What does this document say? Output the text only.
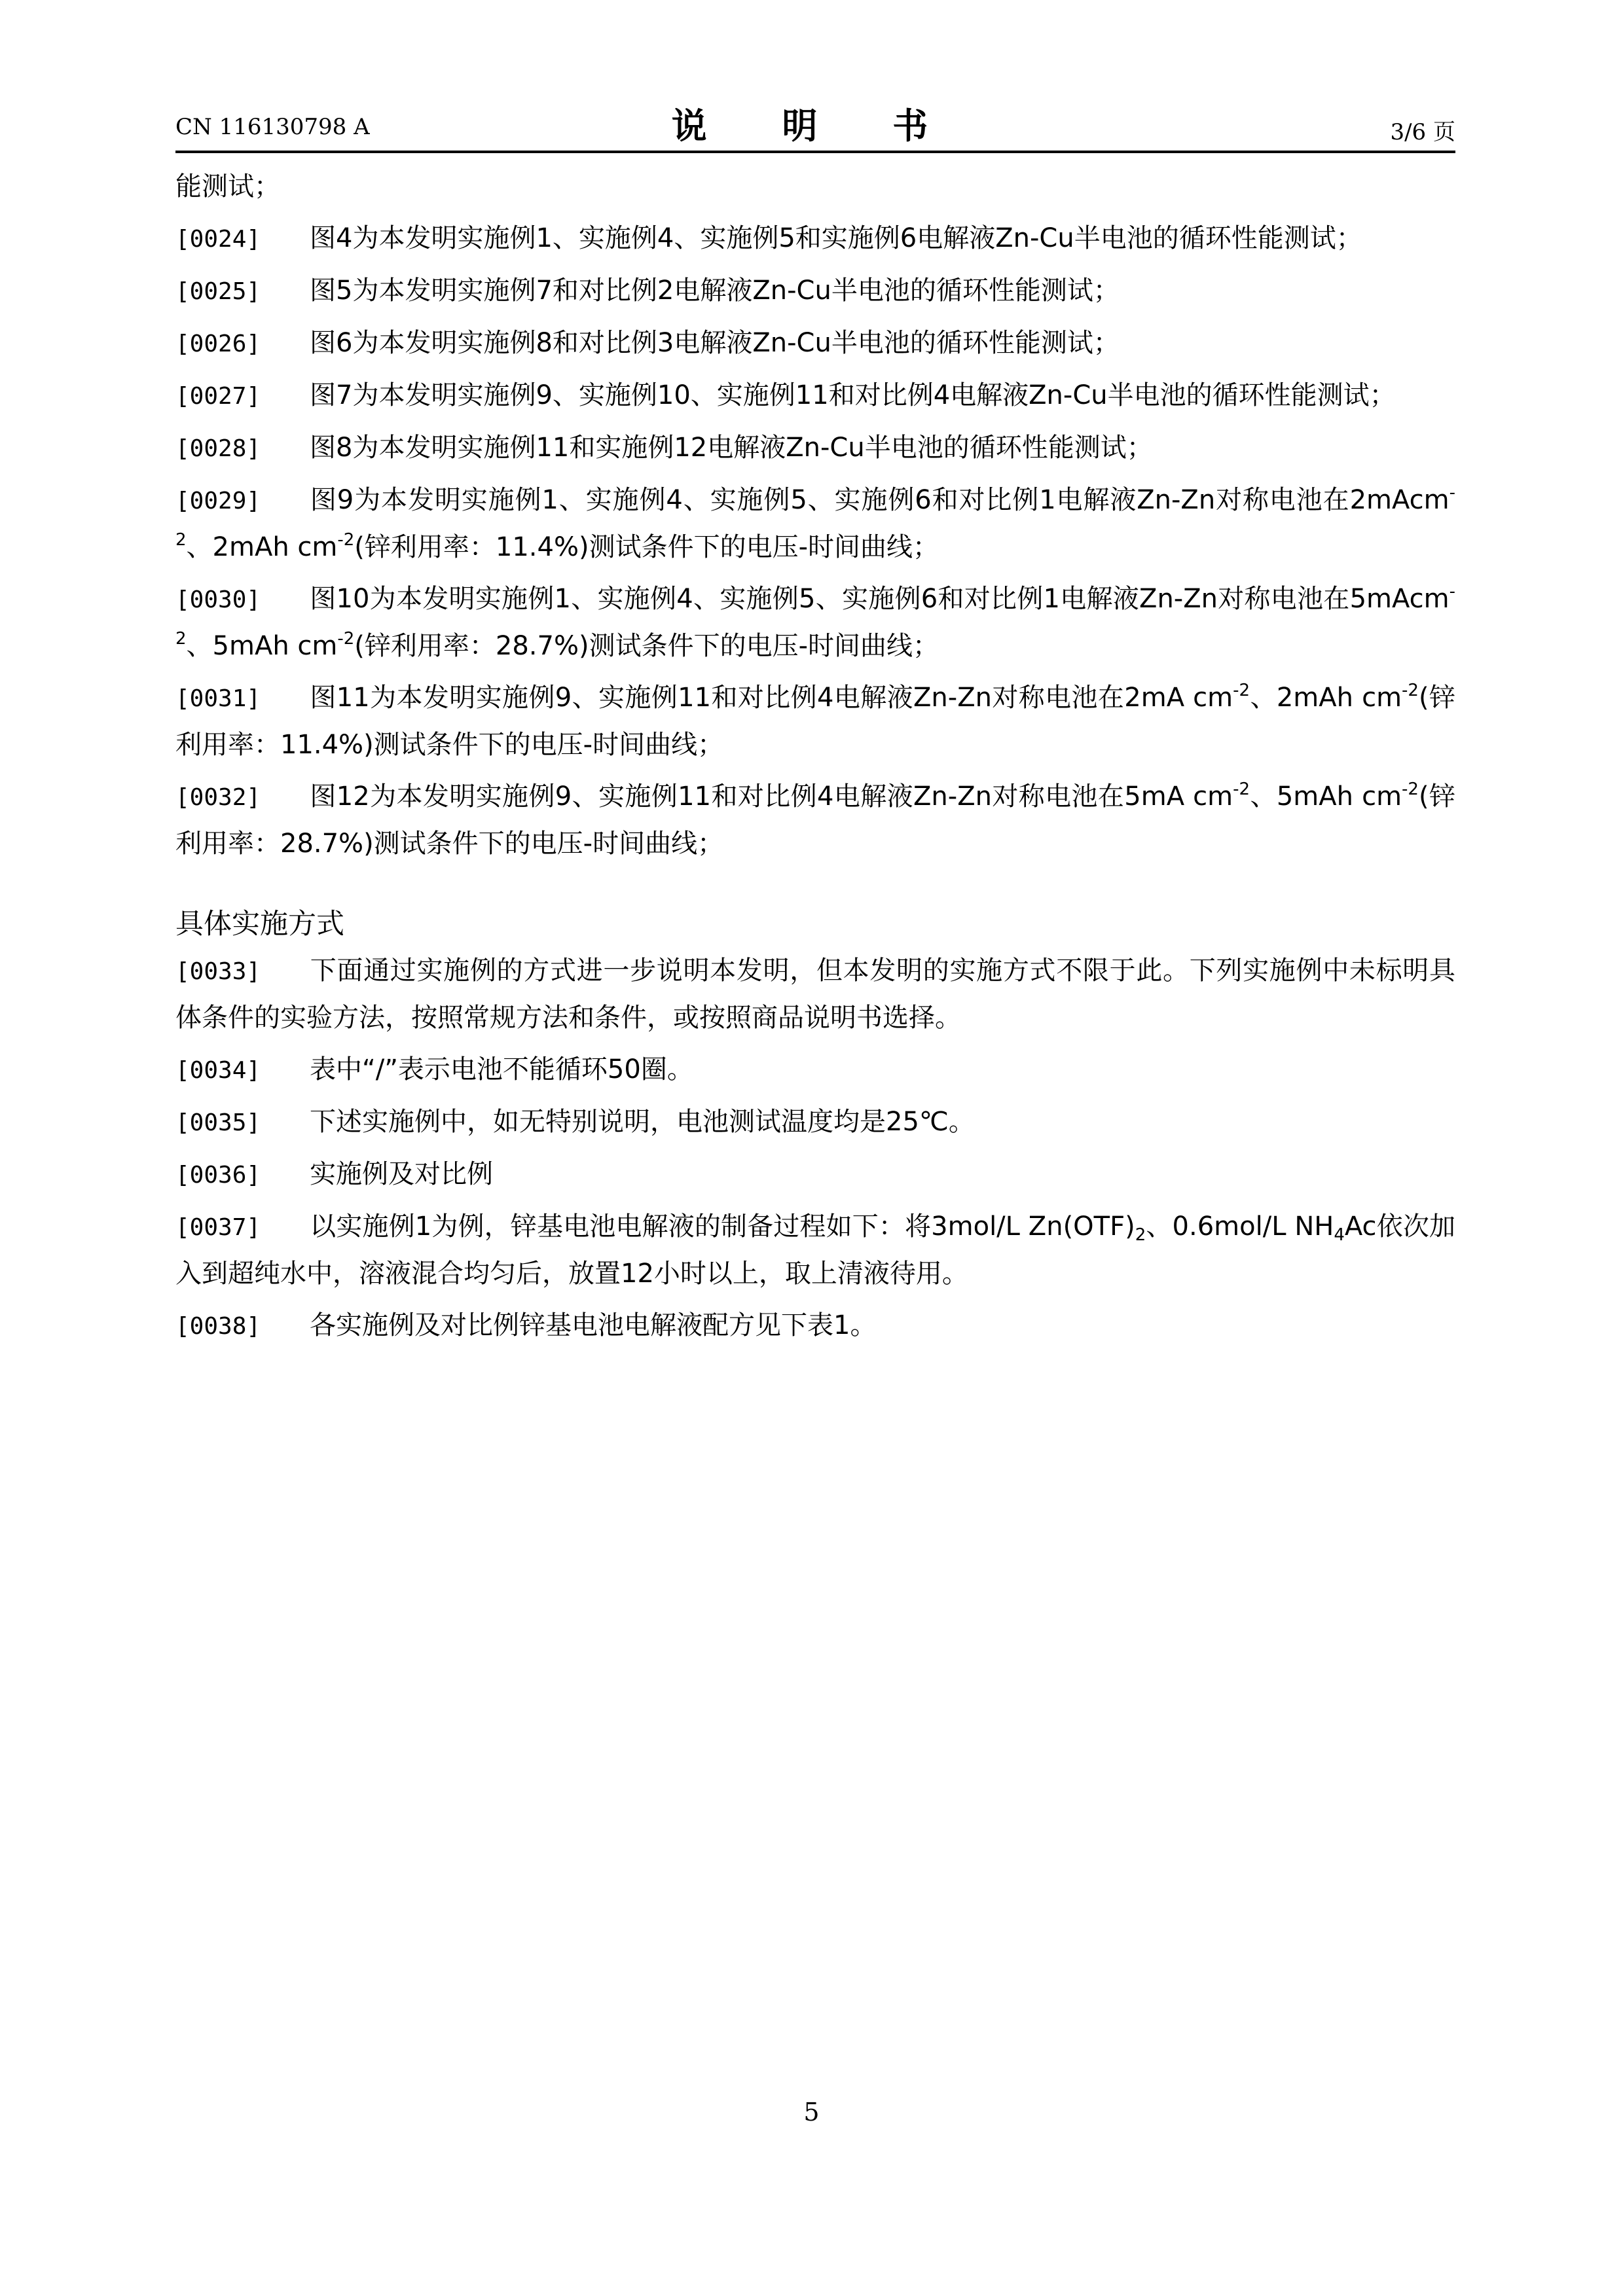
CN 116130798 A	说 明 书	3/6 页

能测试；

[0024] 图4为本发明实施例1、实施例4、实施例5和实施例6电解液Zn-Cu半电池的循环性能测试；

[0025] 图5为本发明实施例7和对比例2电解液Zn-Cu半电池的循环性能测试；

[0026] 图6为本发明实施例8和对比例3电解液Zn-Cu半电池的循环性能测试；

[0027] 图7为本发明实施例9、实施例10、实施例11和对比例4电解液Zn-Cu半电池的循环性能测试；

[0028] 图8为本发明实施例11和实施例12电解液Zn-Cu半电池的循环性能测试；

[0029] 图9为本发明实施例1、实施例4、实施例5、实施例6和对比例1电解液Zn-Zn对称电池在2mAcm$^{-2}$、2mAh $cm^{-2}$(锌利用率：11.4%)测试条件下的电压-时间曲线；

[0030] 图10为本发明实施例1、实施例4、实施例5、实施例6和对比例1电解液Zn-Zn对称电池在5mAcm$^{-2}$、5mAh $cm^{-2}$(锌利用率：28.7%)测试条件下的电压-时间曲线；

[0031] 图11为本发明实施例9、实施例11和对比例4电解液Zn-Zn对称电池在2mA $cm^{-2}$、2mAh $cm^{-2}$(锌利用率：11.4%)测试条件下的电压-时间曲线；

[0032] 图12为本发明实施例9、实施例11和对比例4电解液Zn-Zn对称电池在5mA $cm^{-2}$、5mAh $cm^{-2}$(锌利用率：28.7%)测试条件下的电压-时间曲线；

具体实施方式

[0033] 下面通过实施例的方式进一步说明本发明，但本发明的实施方式不限于此。下列实施例中未标明具体条件的实验方法，按照常规方法和条件，或按照商品说明书选择。

[0034] 表中“/”表示电池不能循环50圈。

[0035] 下述实施例中，如无特别说明，电池测试温度均是25℃。

[0036] 实施例及对比例

[0037] 以实施例1为例，锌基电池电解液的制备过程如下：将3mol/L $Zn(OTF)_2$、0.6mol/L $NH_4Ac$依次加入到超纯水中，溶液混合均匀后，放置12小时以上，取上清液待用。

[0038] 各实施例及对比例锌基电池电解液配方见下表1。

5
